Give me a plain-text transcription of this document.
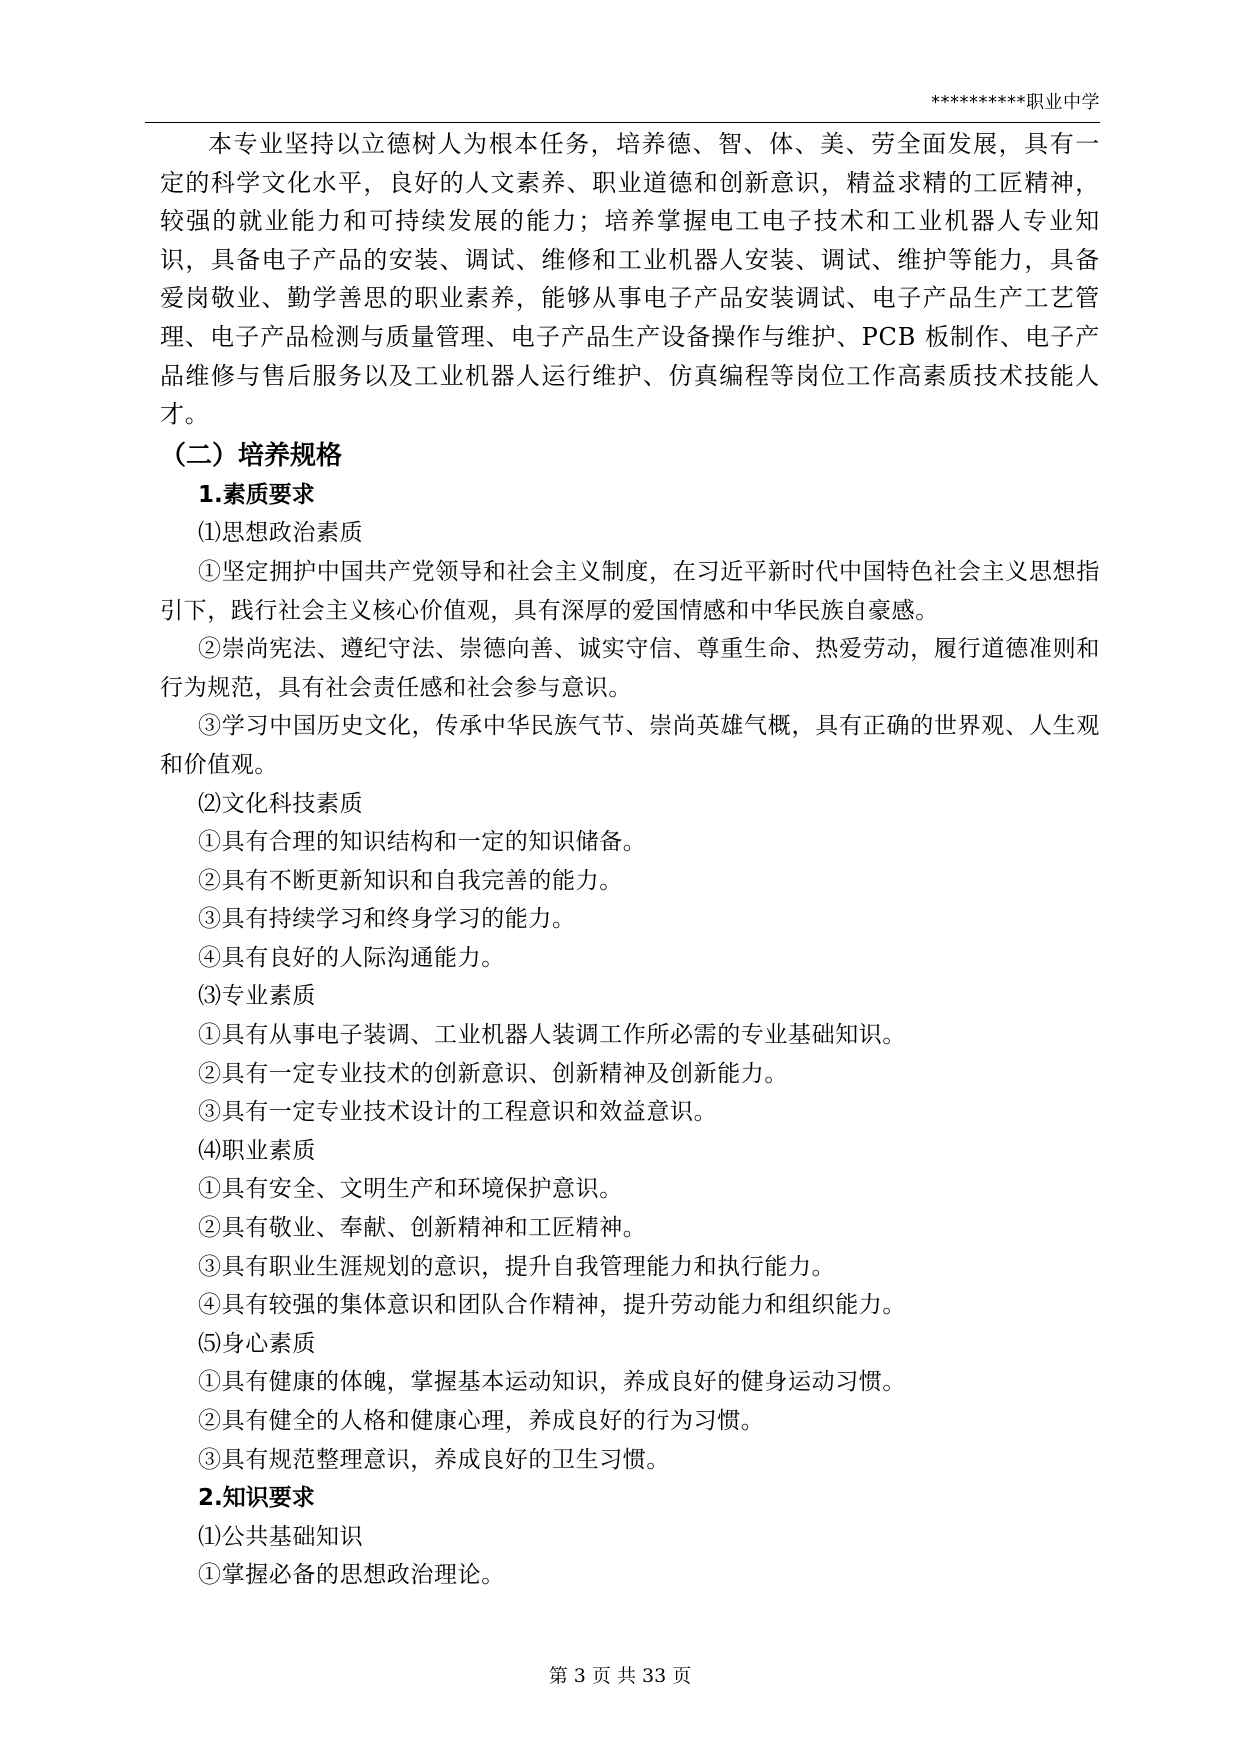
**********职业中学

本专业坚持以立德树人为根本任务，培养德、智、体、美、劳全面发展，具有一定的科学文化水平，良好的人文素养、职业道德和创新意识，精益求精的工匠精神，较强的就业能力和可持续发展的能力；培养掌握电工电子技术和工业机器人专业知识，具备电子产品的安装、调试、维修和工业机器人安装、调试、维护等能力，具备爱岗敬业、勤学善思的职业素养，能够从事电子产品安装调试、电子产品生产工艺管理、电子产品检测与质量管理、电子产品生产设备操作与维护、PCB 板制作、电子产品维修与售后服务以及工业机器人运行维护、仿真编程等岗位工作高素质技术技能人才。

（二）培养规格

1.素质要求

⑴思想政治素质

①坚定拥护中国共产党领导和社会主义制度，在习近平新时代中国特色社会主义思想指引下，践行社会主义核心价值观，具有深厚的爱国情感和中华民族自豪感。

②崇尚宪法、遵纪守法、崇德向善、诚实守信、尊重生命、热爱劳动，履行道德准则和行为规范，具有社会责任感和社会参与意识。

③学习中国历史文化，传承中华民族气节、崇尚英雄气概，具有正确的世界观、人生观和价值观。

⑵文化科技素质

①具有合理的知识结构和一定的知识储备。

②具有不断更新知识和自我完善的能力。

③具有持续学习和终身学习的能力。

④具有良好的人际沟通能力。

⑶专业素质

①具有从事电子装调、工业机器人装调工作所必需的专业基础知识。

②具有一定专业技术的创新意识、创新精神及创新能力。

③具有一定专业技术设计的工程意识和效益意识。

⑷职业素质

①具有安全、文明生产和环境保护意识。

②具有敬业、奉献、创新精神和工匠精神。

③具有职业生涯规划的意识，提升自我管理能力和执行能力。

④具有较强的集体意识和团队合作精神，提升劳动能力和组织能力。

⑸身心素质

①具有健康的体魄，掌握基本运动知识，养成良好的健身运动习惯。

②具有健全的人格和健康心理，养成良好的行为习惯。

③具有规范整理意识，养成良好的卫生习惯。

2.知识要求

⑴公共基础知识

①掌握必备的思想政治理论。

第 3 页 共 33 页
